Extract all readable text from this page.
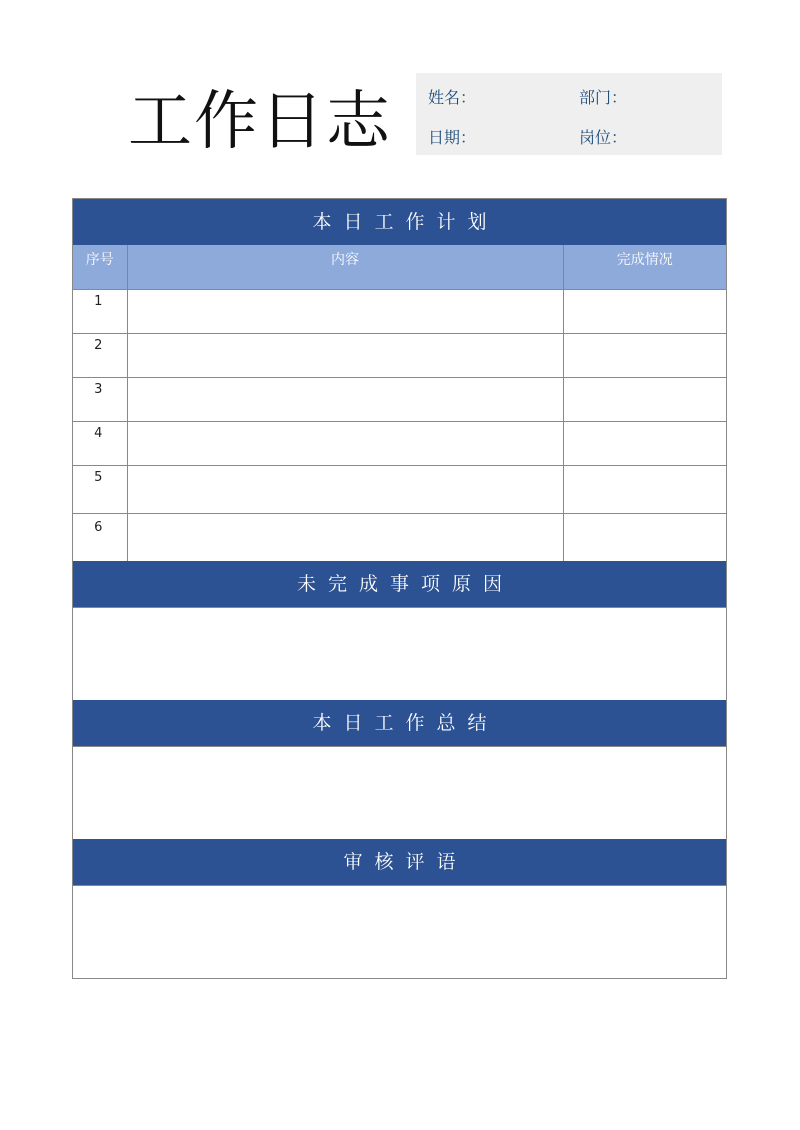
工作日志 姓名：	部门：
日期：	岗位：
本日工作计划
序号	内容	完成情况
1		
2		
3		
4		
5		
6		
未完成事项原因
本日工作总结
审核评语
